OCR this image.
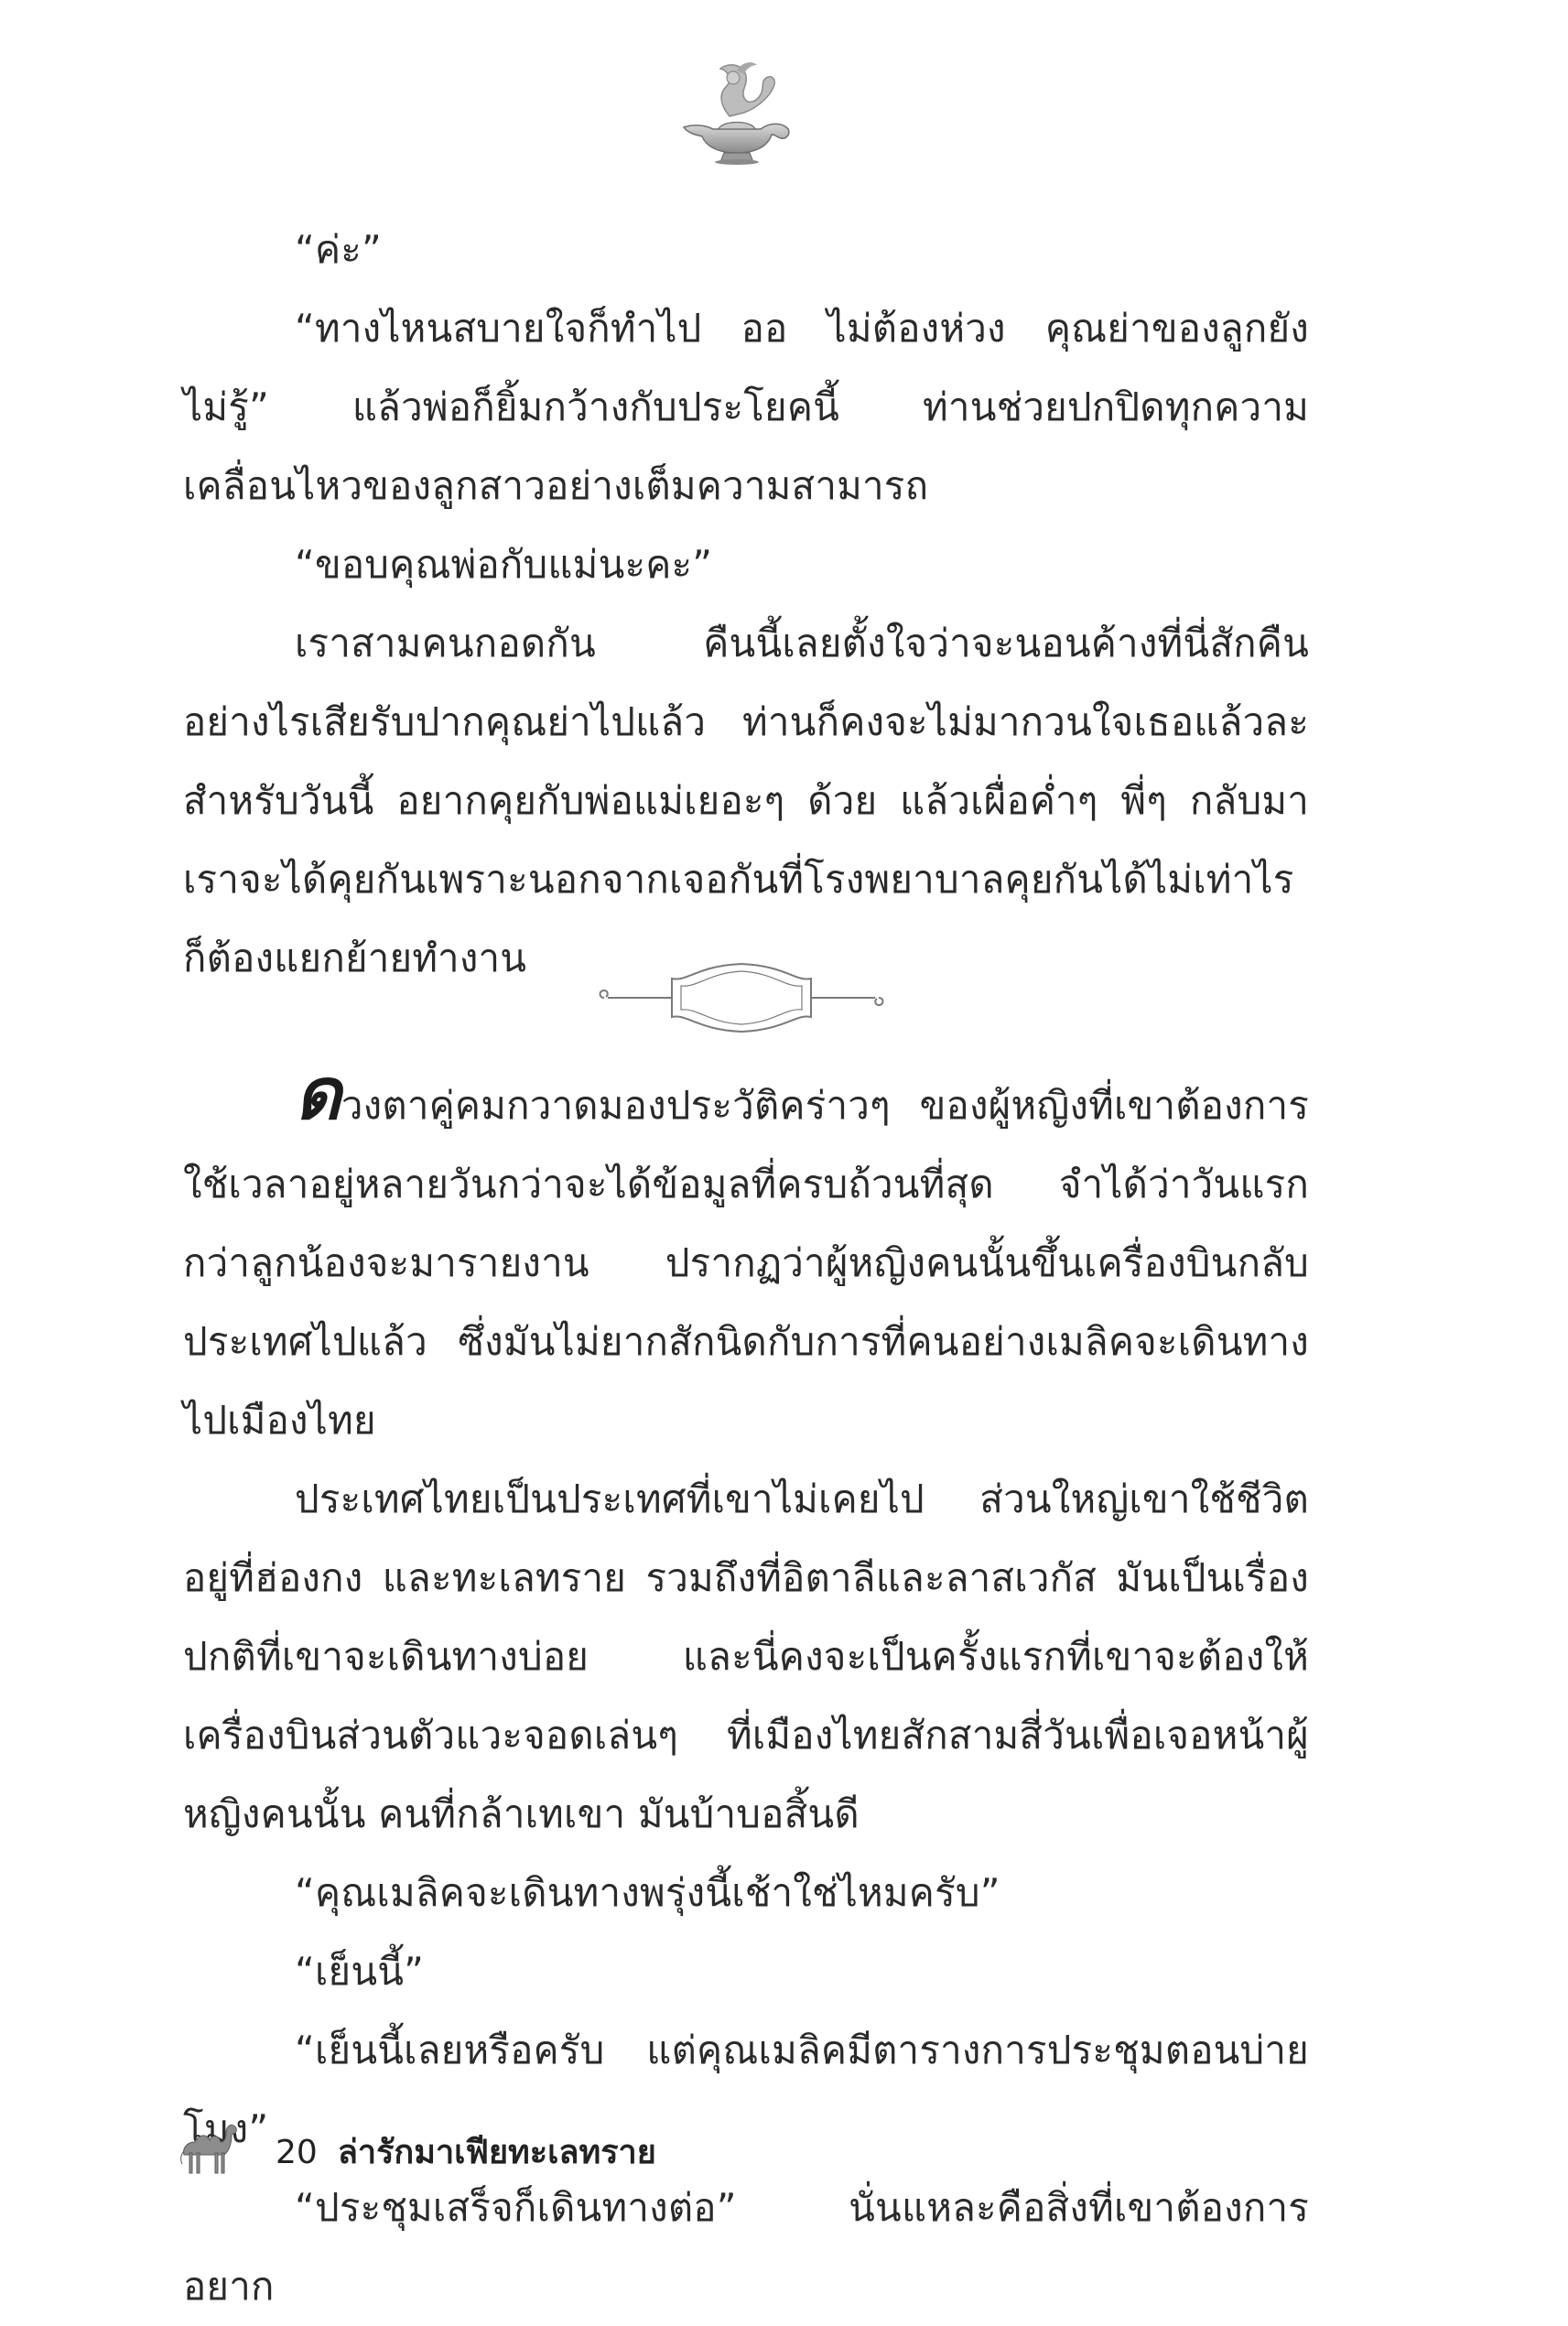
“ค่ะ”

“ทางไหนสบายใจก็ทำไป ออ ไม่ต้องห่วง คุณย่าของลูกยังไม่รู้” แล้วพ่อก็ยิ้มกว้างกับประโยคนี้ ท่านช่วยปกปิดทุกความเคลื่อนไหวของลูกสาวอย่างเต็มความสามารถ

“ขอบคุณพ่อกับแม่นะคะ”

เราสามคนกอดกัน คืนนี้เลยตั้งใจว่าจะนอนค้างที่นี่สักคืน อย่างไรเสียรับปากคุณย่าไปแล้ว ท่านก็คงจะไม่มากวนใจเธอแล้วละสำหรับวันนี้ อยากคุยกับพ่อแม่เยอะๆ ด้วย แล้วเผื่อค่ำๆ พี่ๆ กลับมาเราจะได้คุยกันเพราะนอกจากเจอกันที่โรงพยาบาลคุยกันได้ไม่เท่าไรก็ต้องแยกย้ายทำงาน

ดวงตาคู่คมกวาดมองประวัติคร่าวๆ ของผู้หญิงที่เขาต้องการใช้เวลาอยู่หลายวันกว่าจะได้ข้อมูลที่ครบถ้วนที่สุด จำได้ว่าวันแรกกว่าลูกน้องจะมารายงาน ปรากฏว่าผู้หญิงคนนั้นขึ้นเครื่องบินกลับประเทศไปแล้ว ซึ่งมันไม่ยากสักนิดกับการที่คนอย่างเมลิคจะเดินทางไปเมืองไทย

ประเทศไทยเป็นประเทศที่เขาไม่เคยไป ส่วนใหญ่เขาใช้ชีวิตอยู่ที่ฮ่องกง และทะเลทราย รวมถึงที่อิตาลีและลาสเวกัส มันเป็นเรื่องปกติที่เขาจะเดินทางบ่อย และนี่คงจะเป็นครั้งแรกที่เขาจะต้องให้เครื่องบินส่วนตัวแวะจอดเล่นๆ ที่เมืองไทยสักสามสี่วันเพื่อเจอหน้าผู้หญิงคนนั้น คนที่กล้าเทเขา มันบ้าบอสิ้นดี

“คุณเมลิคจะเดินทางพรุ่งนี้เช้าใช่ไหมครับ”

“เย็นนี้”

“เย็นนี้เลยหรือครับ แต่คุณเมลิคมีตารางการประชุมตอนบ่ายโมง”

“ประชุมเสร็จก็เดินทางต่อ” นั่นแหละคือสิ่งที่เขาต้องการ อยาก

20 ล่ารักมาเฟียทะเลทราย
